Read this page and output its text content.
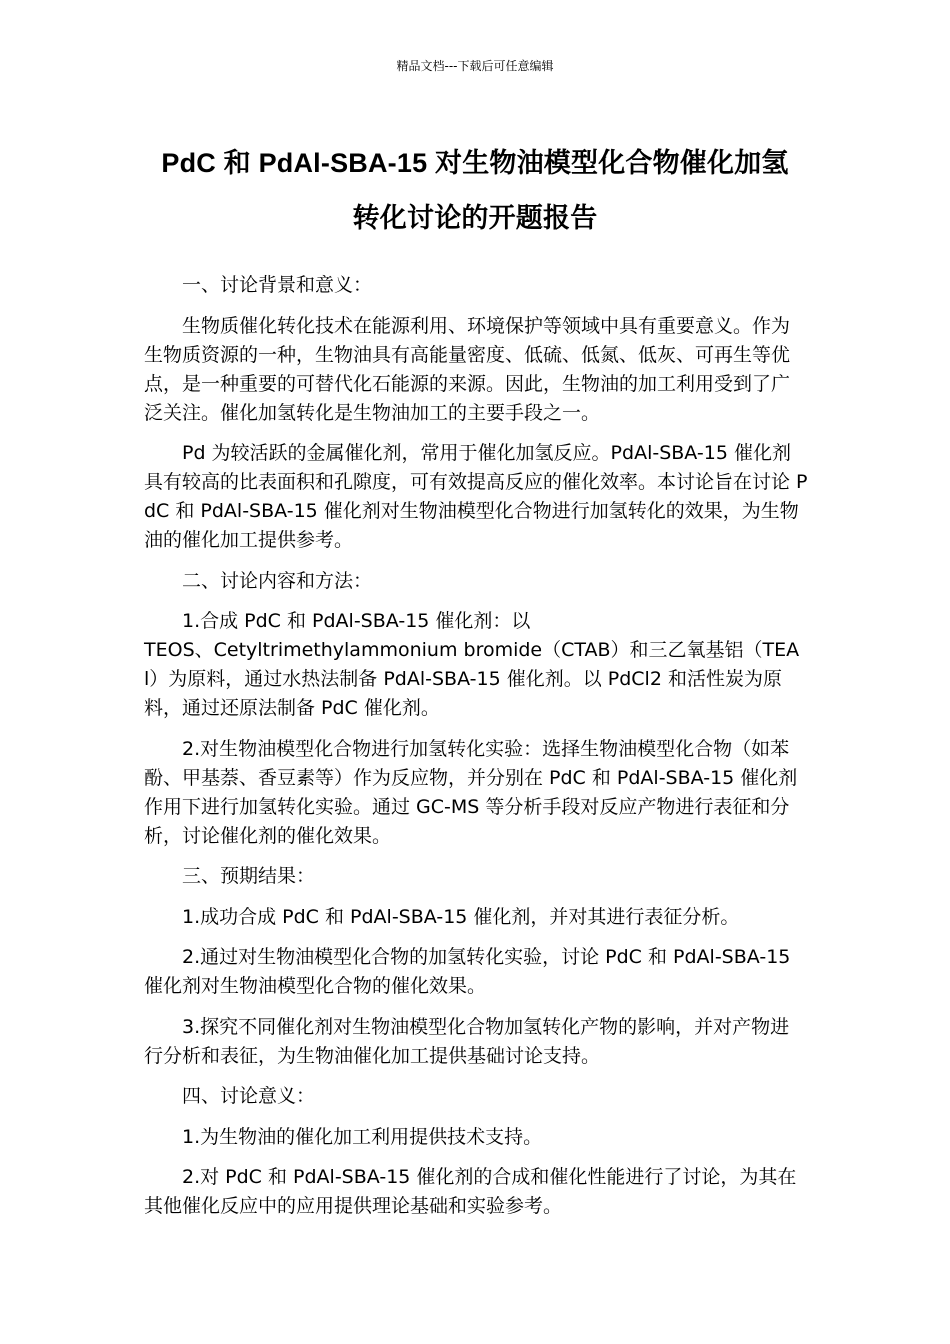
精品文档---下载后可任意编辑
PdC 和 PdAl-SBA-15 对生物油模型化合物催化加氢
转化讨论的开题报告

一、讨论背景和意义：

生物质催化转化技术在能源利用、环境保护等领域中具有重要意义。作为生物质资源的一种，生物油具有高能量密度、低硫、低氮、低灰、可再生等优点，是一种重要的可替代化石能源的来源。因此，生物油的加工利用受到了广泛关注。催化加氢转化是生物油加工的主要手段之一。

Pd 为较活跃的金属催化剂，常用于催化加氢反应。PdAl-SBA-15 催化剂具有较高的比表面积和孔隙度，可有效提高反应的催化效率。本讨论旨在讨论 PdC 和 PdAl-SBA-15 催化剂对生物油模型化合物进行加氢转化的效果，为生物油的催化加工提供参考。

二、讨论内容和方法：

1.合成 PdC 和 PdAl-SBA-15 催化剂：以

TEOS、Cetyltrimethylammonium bromide（CTAB）和三乙氧基铝（TEAl）为原料，通过水热法制备 PdAl-SBA-15 催化剂。以 PdCl2 和活性炭为原料，通过还原法制备 PdC 催化剂。

2.对生物油模型化合物进行加氢转化实验：选择生物油模型化合物（如苯酚、甲基萘、香豆素等）作为反应物，并分别在 PdC 和 PdAl-SBA-15 催化剂作用下进行加氢转化实验。通过 GC-MS 等分析手段对反应产物进行表征和分析，讨论催化剂的催化效果。

三、预期结果：

1.成功合成 PdC 和 PdAl-SBA-15 催化剂，并对其进行表征分析。

2.通过对生物油模型化合物的加氢转化实验，讨论 PdC 和 PdAl-SBA-15 催化剂对生物油模型化合物的催化效果。

3.探究不同催化剂对生物油模型化合物加氢转化产物的影响，并对产物进行分析和表征，为生物油催化加工提供基础讨论支持。

四、讨论意义：

1.为生物油的催化加工利用提供技术支持。

2.对 PdC 和 PdAl-SBA-15 催化剂的合成和催化性能进行了讨论，为其在其他催化反应中的应用提供理论基础和实验参考。
